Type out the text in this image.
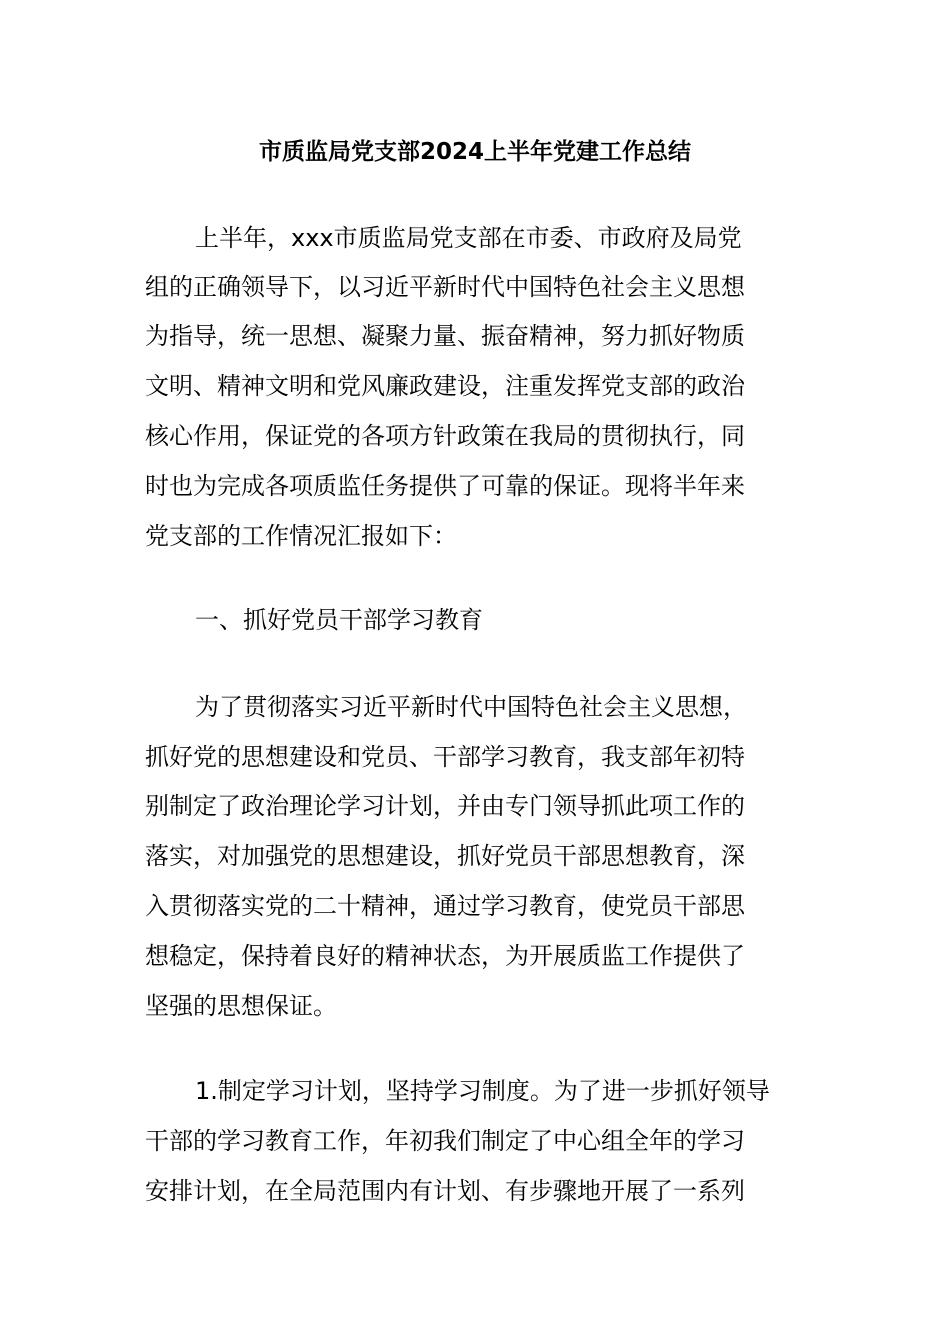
市质监局党支部2024上半年党建工作总结

上半年，xxx市质监局党支部在市委、市政府及局党

组的正确领导下，以习近平新时代中国特色社会主义思想

为指导，统一思想、凝聚力量、振奋精神，努力抓好物质

文明、精神文明和党风廉政建设，注重发挥党支部的政治

核心作用，保证党的各项方针政策在我局的贯彻执行，同

时也为完成各项质监任务提供了可靠的保证。现将半年来

党支部的工作情况汇报如下：

一、抓好党员干部学习教育

为了贯彻落实习近平新时代中国特色社会主义思想，

抓好党的思想建设和党员、干部学习教育，我支部年初特

别制定了政治理论学习计划，并由专门领导抓此项工作的

落实，对加强党的思想建设，抓好党员干部思想教育，深

入贯彻落实党的二十精神，通过学习教育，使党员干部思

想稳定，保持着良好的精神状态，为开展质监工作提供了

坚强的思想保证。

1.制定学习计划，坚持学习制度。为了进一步抓好领导

干部的学习教育工作，年初我们制定了中心组全年的学习

安排计划，在全局范围内有计划、有步骤地开展了一系列
